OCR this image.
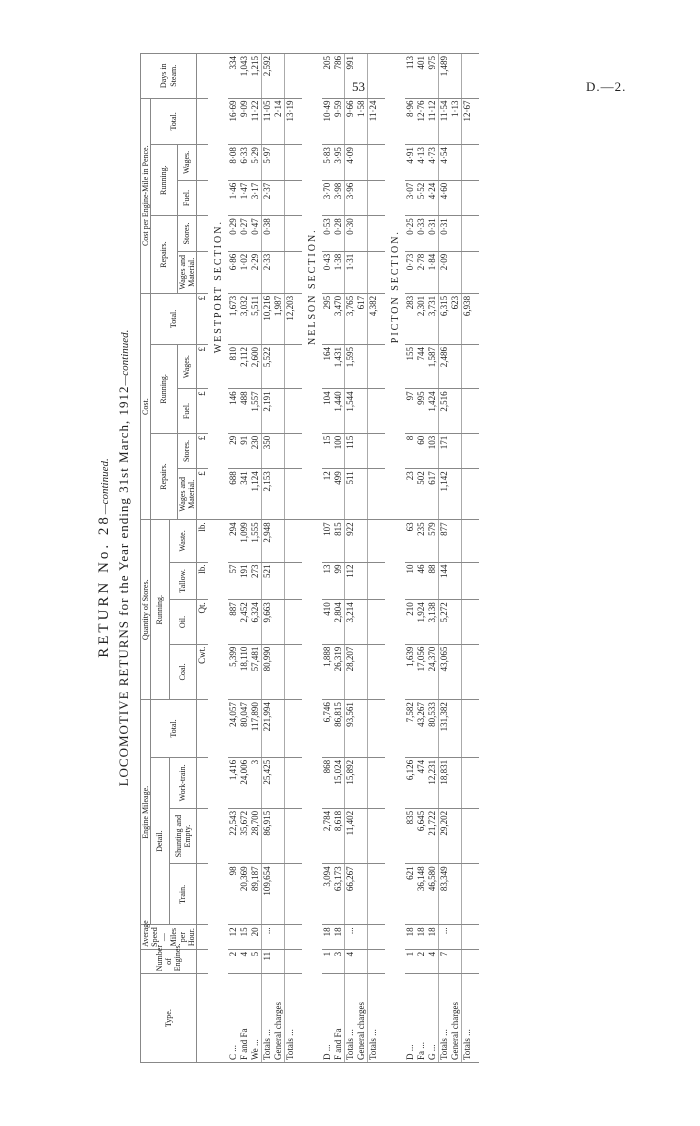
53	D.—2.
RETURN No. 28—continued. LOCOMOTIVE RETURNS for the Year ending 31st March, 1912—continued.
Type.	Number of Engines.	Average Speed—Miles per Hour.	Engine Mileage.				Quantity of Stores.				Cost.					Cost per Engine-Mile in Pence.					Days in Steam.
			Detail.			Total.	Running.				Repairs.		Running.		Total.	Repairs.		Running.		Total.	
			Train.	Shunting and Empty.	Work-train.		Coal.	Oil.	Tallow.	Waste.											
											Wages and Material.	Stores.	Fuel.	Wages.		Wages and Material.	Stores.	Fuel.	Wages.		
							Cwt.	Qt.	lb.	lb.	£	£	£	£	£						
											WESTPORT SECTION.										
C ...	2	12	98	22,543	1,416	24,057	5,399	887	57	294	688	29	146	810	1,673	6·86	0·29	1·46	8·08	16·69	334
F and Fa	4	15	20,369	35,672	24,006	80,047	18,110	2,452	191	1,099	341	91	488	2,112	3,032	1·02	0·27	1·47	6·33	9·09	1,043
We ...	5	20	89,187	28,700	3	117,890	57,481	6,324	273	1,555	1,124	230	1,557	2,600	5,511	2·29	0·47	3·17	5·29	11·22	1,215
Totals ...	11	...	109,654	86,915	25,425	221,994	80,990	9,663	521	2,948	2,153	350	2,191	5,522	10,216	2·33	0·38	2·37	5·97	11·05	2,592
General charges															1,987					2·14	
Totals ...															12,203					13·19	

											NELSON SECTION.										
D ...	1	18	3,094	2,784	868	6,746	1,888	410	13	107	12	15	104	164	295	0·43	0·53	3·70	5·83	10·49	205
F and Fa	3	18	63,173	8,618	15,024	86,815	26,319	2,804	99	815	499	100	1,440	1,431	3,470	1·38	0·28	3·98	3·95	9·59	786
Totals ...	4	...	66,267	11,402	15,892	93,561	28,207	3,214	112	922	511	115	1,544	1,595	3,765	1·31	0·30	3·96	4·09	9·66	991
General charges															617					1·58	
Totals ...															4,382					11·24	

											PICTON SECTION.										
D ...	1	18	621	835	6,126	7,582	1,639	210	10	63	23	8	97	155	283	0·73	0·25	3·07	4·91	8·96	113
Fa ...	2	18	36,148	6,645	474	43,267	17,056	1,924	46	235	502	60	995	744	2,301	2·78	0·33	5·52	4·13	12·76	401
G ...	4	18	46,580	21,722	12,231	80,533	24,370	3,138	88	579	617	103	1,424	1,587	3,731	1·84	0·31	4·24	4·73	11·12	975
Totals ...	7	...	83,349	29,202	18,831	131,382	43,065	5,272	144	877	1,142	171	2,516	2,486	6,315	2·09	0·31	4·60	4·54	11·54	1,489
General charges															623					1·13	
Totals ...															6,938					12·67	
